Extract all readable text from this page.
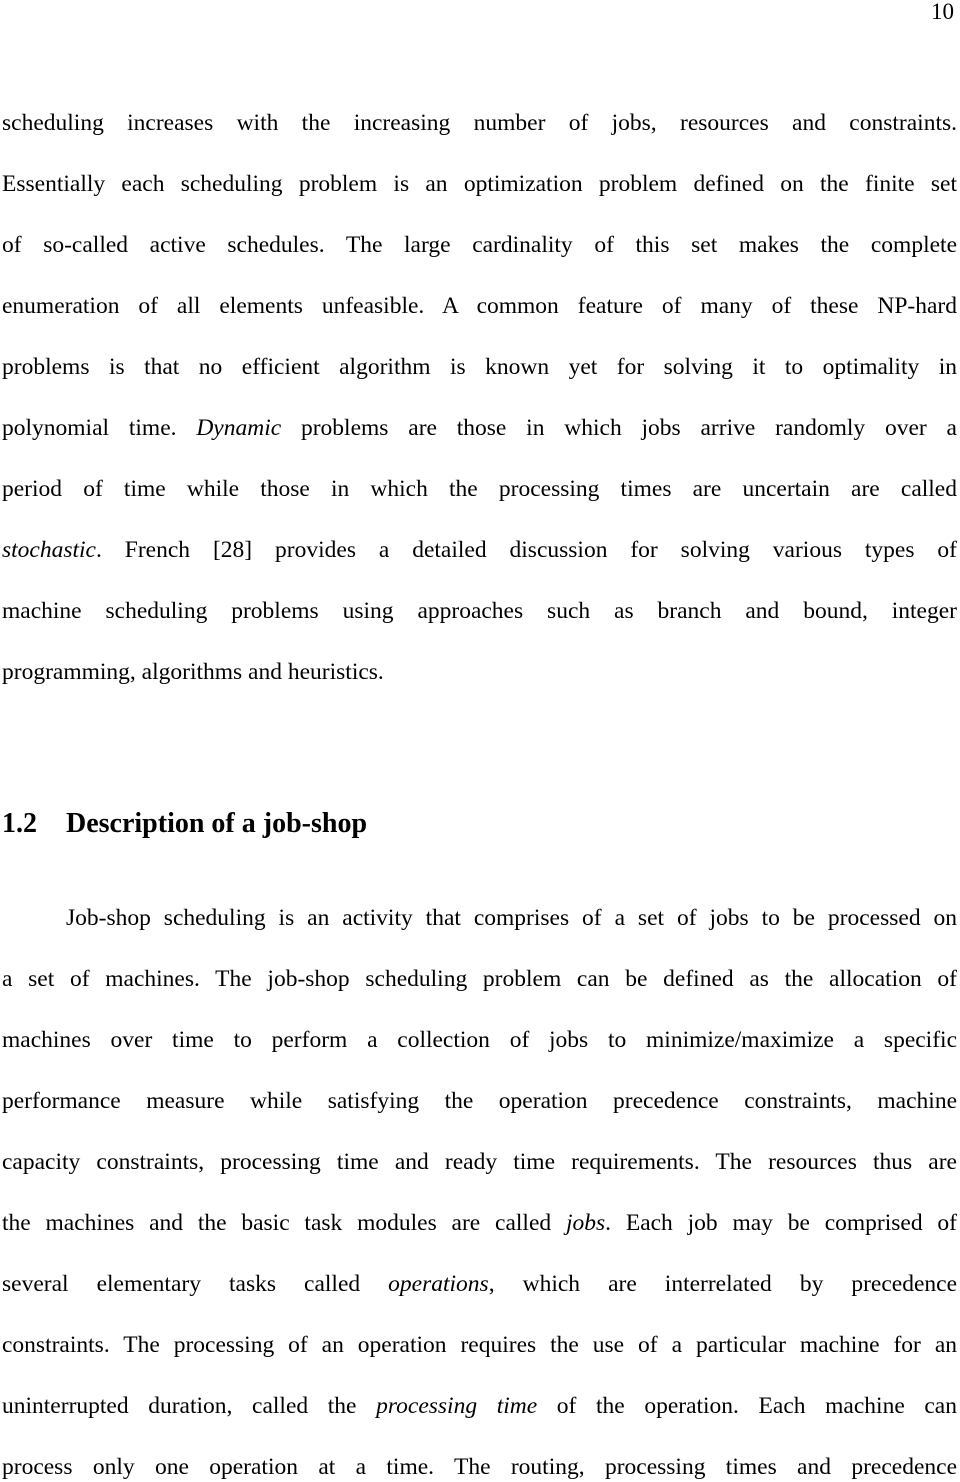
10
scheduling increases with the increasing number of jobs, resources and constraints.
Essentially each scheduling problem is an optimization problem defined on the finite set
of so-called active schedules. The large cardinality of this set makes the complete
enumeration of all elements unfeasible. A common feature of many of these NP-hard
problems is that no efficient algorithm is known yet for solving it to optimality in
polynomial time. Dynamic problems are those in which jobs arrive randomly over a
period of time while those in which the processing times are uncertain are called
stochastic. French [28] provides a detailed discussion for solving various types of
machine scheduling problems using approaches such as branch and bound, integer
programming, algorithms and heuristics.
1.2 Description of a job-shop
Job-shop scheduling is an activity that comprises of a set of jobs to be processed on
a set of machines. The job-shop scheduling problem can be defined as the allocation of
machines over time to perform a collection of jobs to minimize/maximize a specific
performance measure while satisfying the operation precedence constraints, machine
capacity constraints, processing time and ready time requirements. The resources thus are
the machines and the basic task modules are called jobs. Each job may be comprised of
several elementary tasks called operations, which are interrelated by precedence
constraints. The processing of an operation requires the use of a particular machine for an
uninterrupted duration, called the processing time of the operation. Each machine can
process only one operation at a time. The routing, processing times and precedence
